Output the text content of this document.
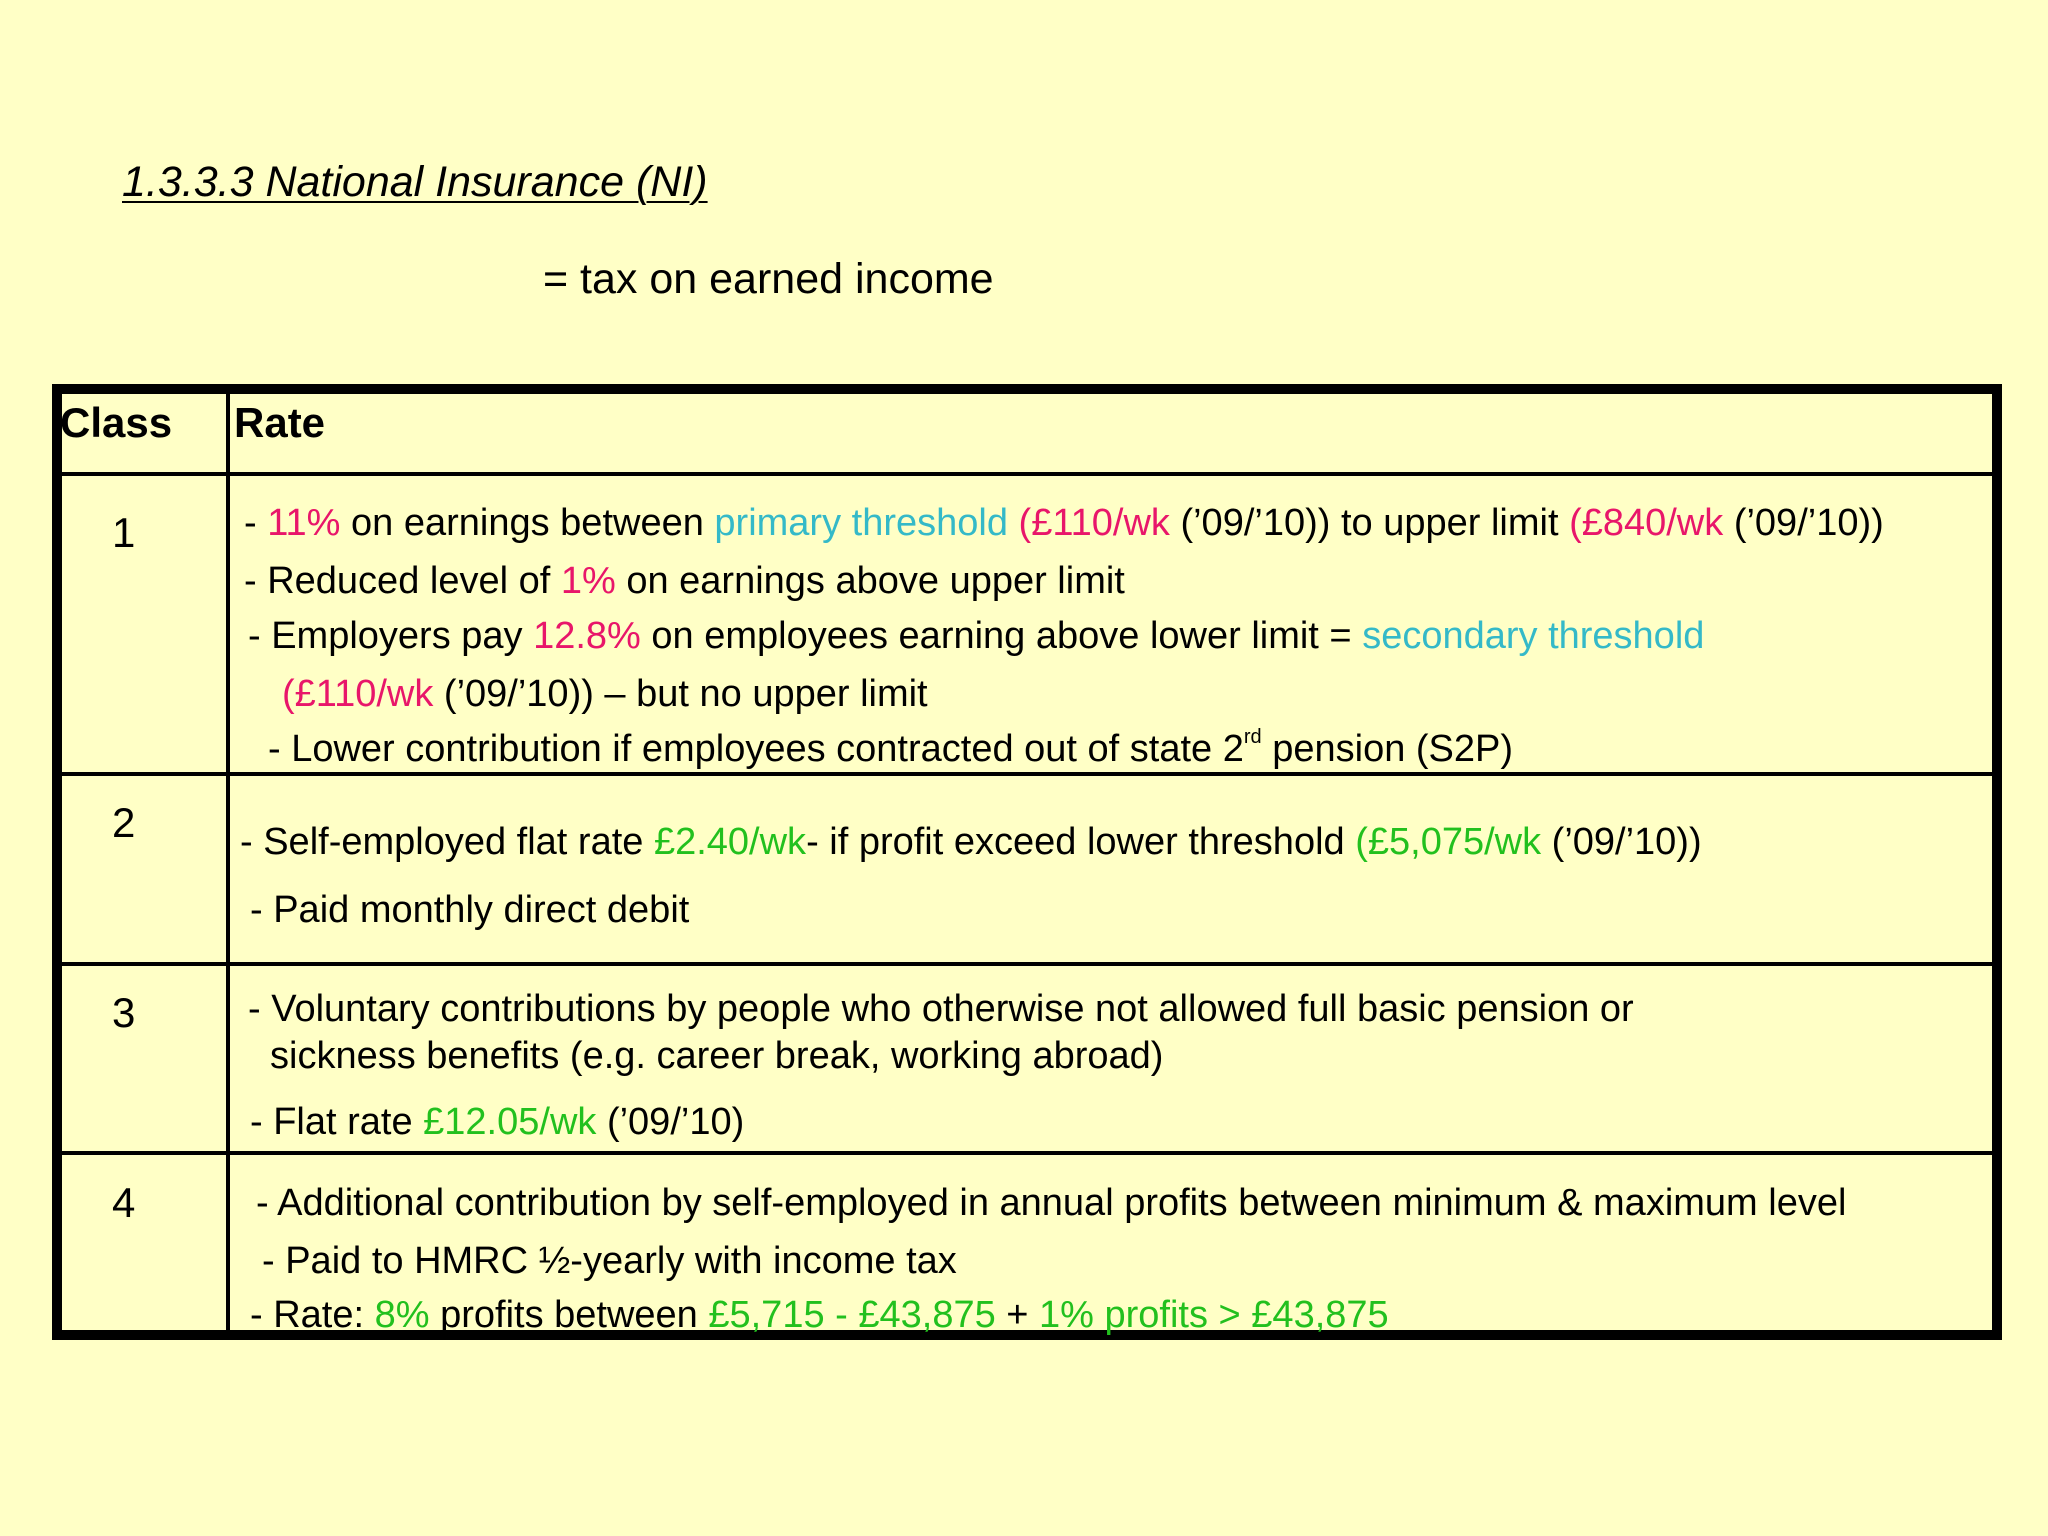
1.3.3.3 National Insurance (NI)

= tax on earned income

Class Rate
1	- 11% on earnings between primary threshold (£110/wk (’09/’10)) to upper limit (£840/wk (’09/’10))
- Reduced level of 1% on earnings above upper limit
- Employers pay 12.8% on employees earning above lower limit = secondary threshold
(£110/wk (’09/’10)) – but no upper limit
- Lower contribution if employees contracted out of state 2rd pension (S2P)
2	- Self-employed flat rate £2.40/wk- if profit exceed lower threshold (£5,075/wk (’09/’10))
- Paid monthly direct debit
3	- Voluntary contributions by people who otherwise not allowed full basic pension or
sickness benefits (e.g. career break, working abroad)
- Flat rate £12.05/wk (’09/’10)
4	- Additional contribution by self-employed in annual profits between minimum & maximum level
- Paid to HMRC ½-yearly with income tax
- Rate: 8% profits between £5,715 - £43,875 + 1% profits > £43,875
